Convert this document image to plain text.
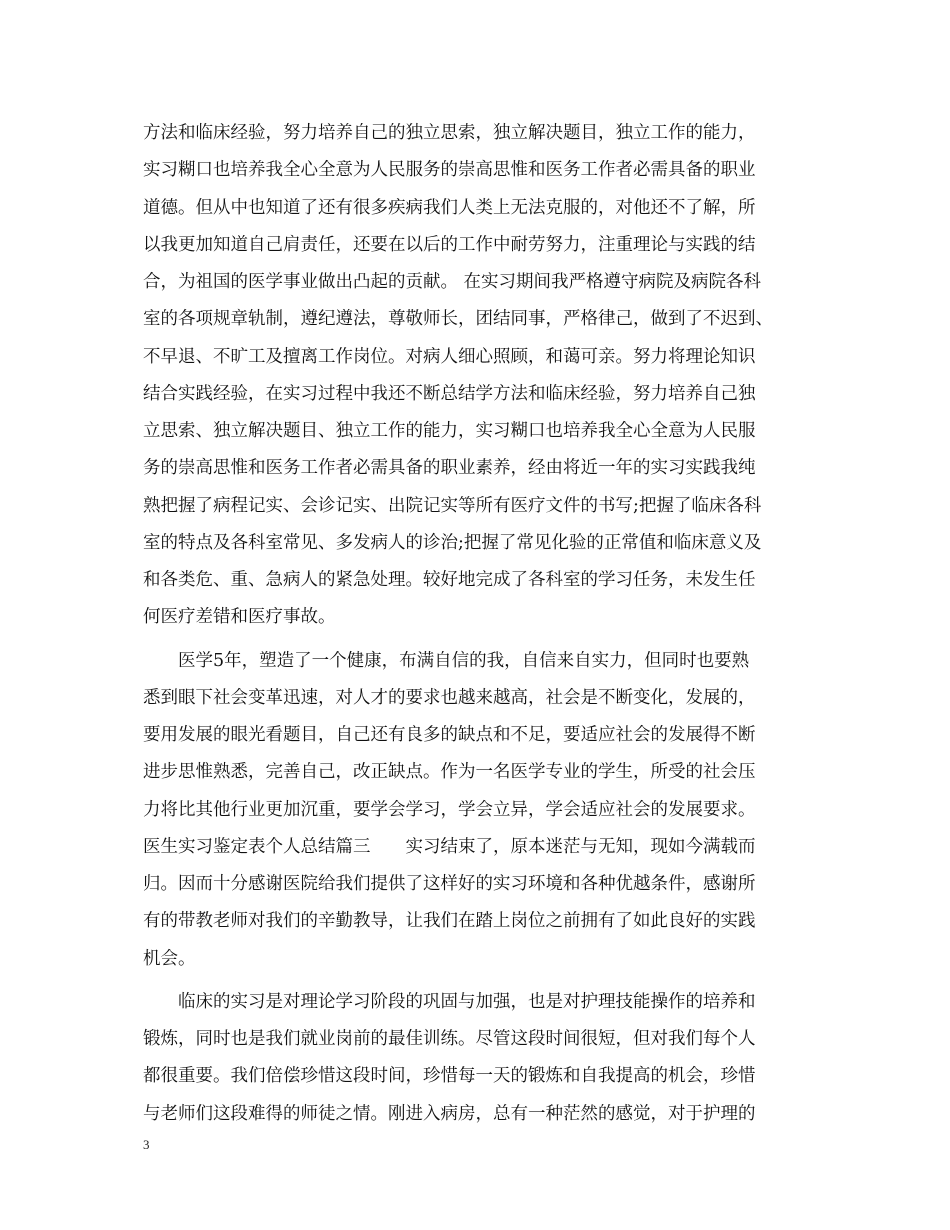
方法和临床经验，努力培养自己的独立思索，独立解决题目，独立工作的能力，
实习糊口也培养我全心全意为人民服务的崇高思惟和医务工作者必需具备的职业
道德。但从中也知道了还有很多疾病我们人类上无法克服的，对他还不了解，所
以我更加知道自己肩责任，还要在以后的工作中耐劳努力，注重理论与实践的结
合，为祖国的医学事业做出凸起的贡献。 在实习期间我严格遵守病院及病院各科
室的各项规章轨制，遵纪遵法，尊敬师长，团结同事，严格律己，做到了不迟到、
不早退、不旷工及擅离工作岗位。对病人细心照顾，和蔼可亲。努力将理论知识
结合实践经验，在实习过程中我还不断总结学方法和临床经验，努力培养自己独
立思索、独立解决题目、独立工作的能力，实习糊口也培养我全心全意为人民服
务的崇高思惟和医务工作者必需具备的职业素养，经由将近一年的实习实践我纯
熟把握了病程记实、会诊记实、出院记实等所有医疗文件的书写;把握了临床各科
室的特点及各科室常见、多发病人的诊治;把握了常见化验的正常值和临床意义及
和各类危、重、急病人的紧急处理。较好地完成了各科室的学习任务，未发生任
何医疗差错和医疗事故。
　　医学5年，塑造了一个健康，布满自信的我，自信来自实力，但同时也要熟
悉到眼下社会变革迅速，对人才的要求也越来越高，社会是不断变化，发展的，
要用发展的眼光看题目，自己还有良多的缺点和不足，要适应社会的发展得不断
进步思惟熟悉，完善自己，改正缺点。作为一名医学专业的学生，所受的社会压
力将比其他行业更加沉重，要学会学习，学会立异，学会适应社会的发展要求。
医生实习鉴定表个人总结篇三　　实习结束了，原本迷茫与无知，现如今满载而
归。因而十分感谢医院给我们提供了这样好的实习环境和各种优越条件，感谢所
有的带教老师对我们的辛勤教导，让我们在踏上岗位之前拥有了如此良好的实践
机会。
　　临床的实习是对理论学习阶段的巩固与加强，也是对护理技能操作的培养和
锻炼，同时也是我们就业岗前的最佳训练。尽管这段时间很短，但对我们每个人
都很重要。我们倍偿珍惜这段时间，珍惜每一天的锻炼和自我提高的机会，珍惜
与老师们这段难得的师徒之情。刚进入病房，总有一种茫然的感觉，对于护理的
3
